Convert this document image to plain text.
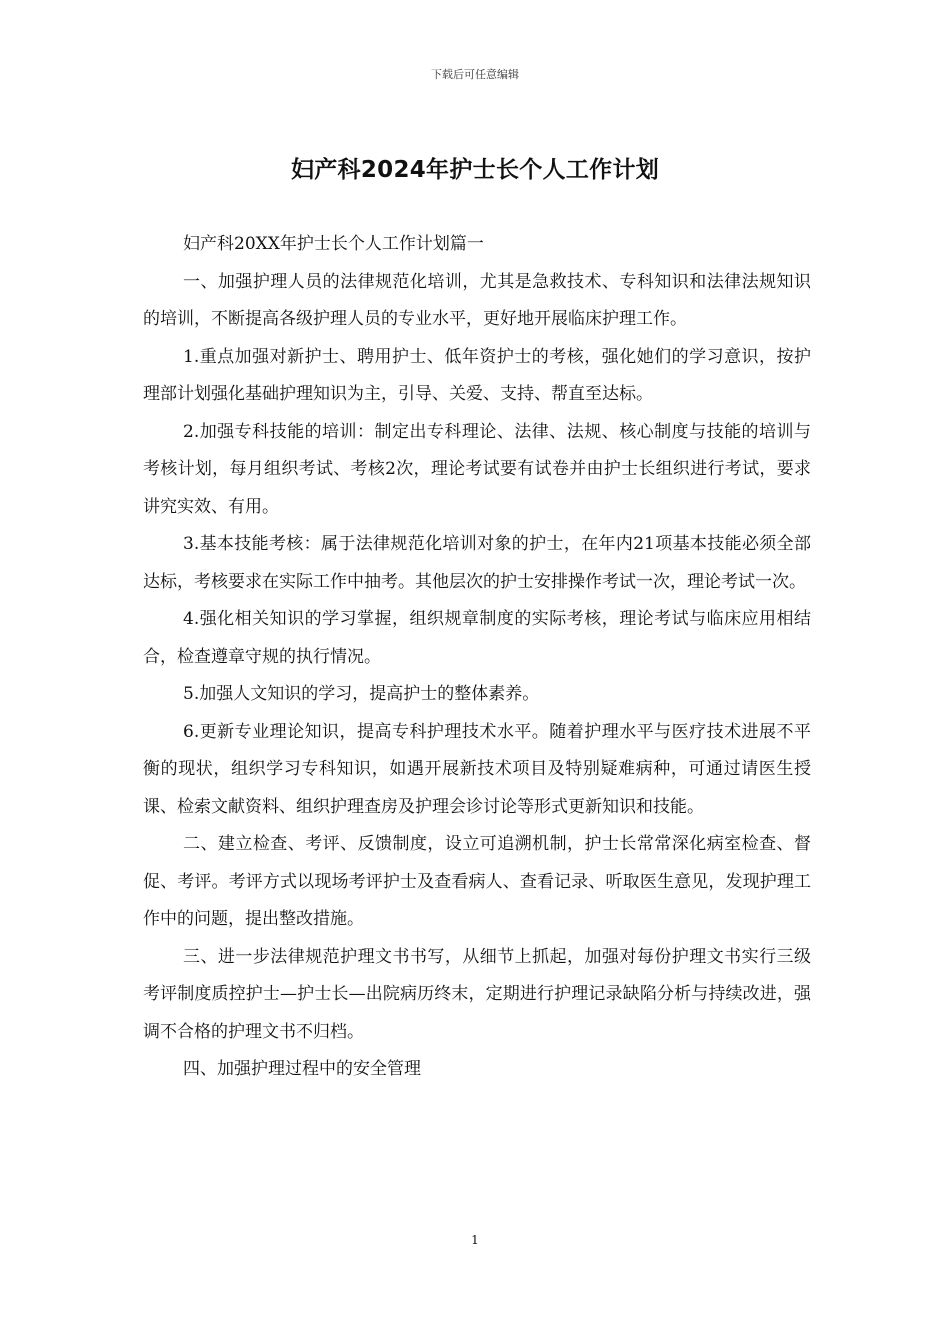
下载后可任意编辑
妇产科2024年护士长个人工作计划

妇产科20XX年护士长个人工作计划篇一

一、加强护理人员的法律规范化培训，尤其是急救技术、专科知识和法律法规知识的培训，不断提高各级护理人员的专业水平，更好地开展临床护理工作。

1.重点加强对新护士、聘用护士、低年资护士的考核，强化她们的学习意识，按护理部计划强化基础护理知识为主，引导、关爱、支持、帮直至达标。

2.加强专科技能的培训：制定出专科理论、法律、法规、核心制度与技能的培训与考核计划，每月组织考试、考核2次，理论考试要有试卷并由护士长组织进行考试，要求讲究实效、有用。

3.基本技能考核：属于法律规范化培训对象的护士，在年内21项基本技能必须全部达标，考核要求在实际工作中抽考。其他层次的护士安排操作考试一次，理论考试一次。

4.强化相关知识的学习掌握，组织规章制度的实际考核，理论考试与临床应用相结合，检查遵章守规的执行情况。

5.加强人文知识的学习，提高护士的整体素养。

6.更新专业理论知识，提高专科护理技术水平。随着护理水平与医疗技术进展不平衡的现状，组织学习专科知识，如遇开展新技术项目及特别疑难病种，可通过请医生授课、检索文献资料、组织护理查房及护理会诊讨论等形式更新知识和技能。

二、建立检查、考评、反馈制度，设立可追溯机制，护士长常常深化病室检查、督促、考评。考评方式以现场考评护士及查看病人、查看记录、听取医生意见，发现护理工作中的问题，提出整改措施。

三、进一步法律规范护理文书书写，从细节上抓起，加强对每份护理文书实行三级考评制度质控护士—护士长—出院病历终末，定期进行护理记录缺陷分析与持续改进，强调不合格的护理文书不归档。

四、加强护理过程中的安全管理

1
